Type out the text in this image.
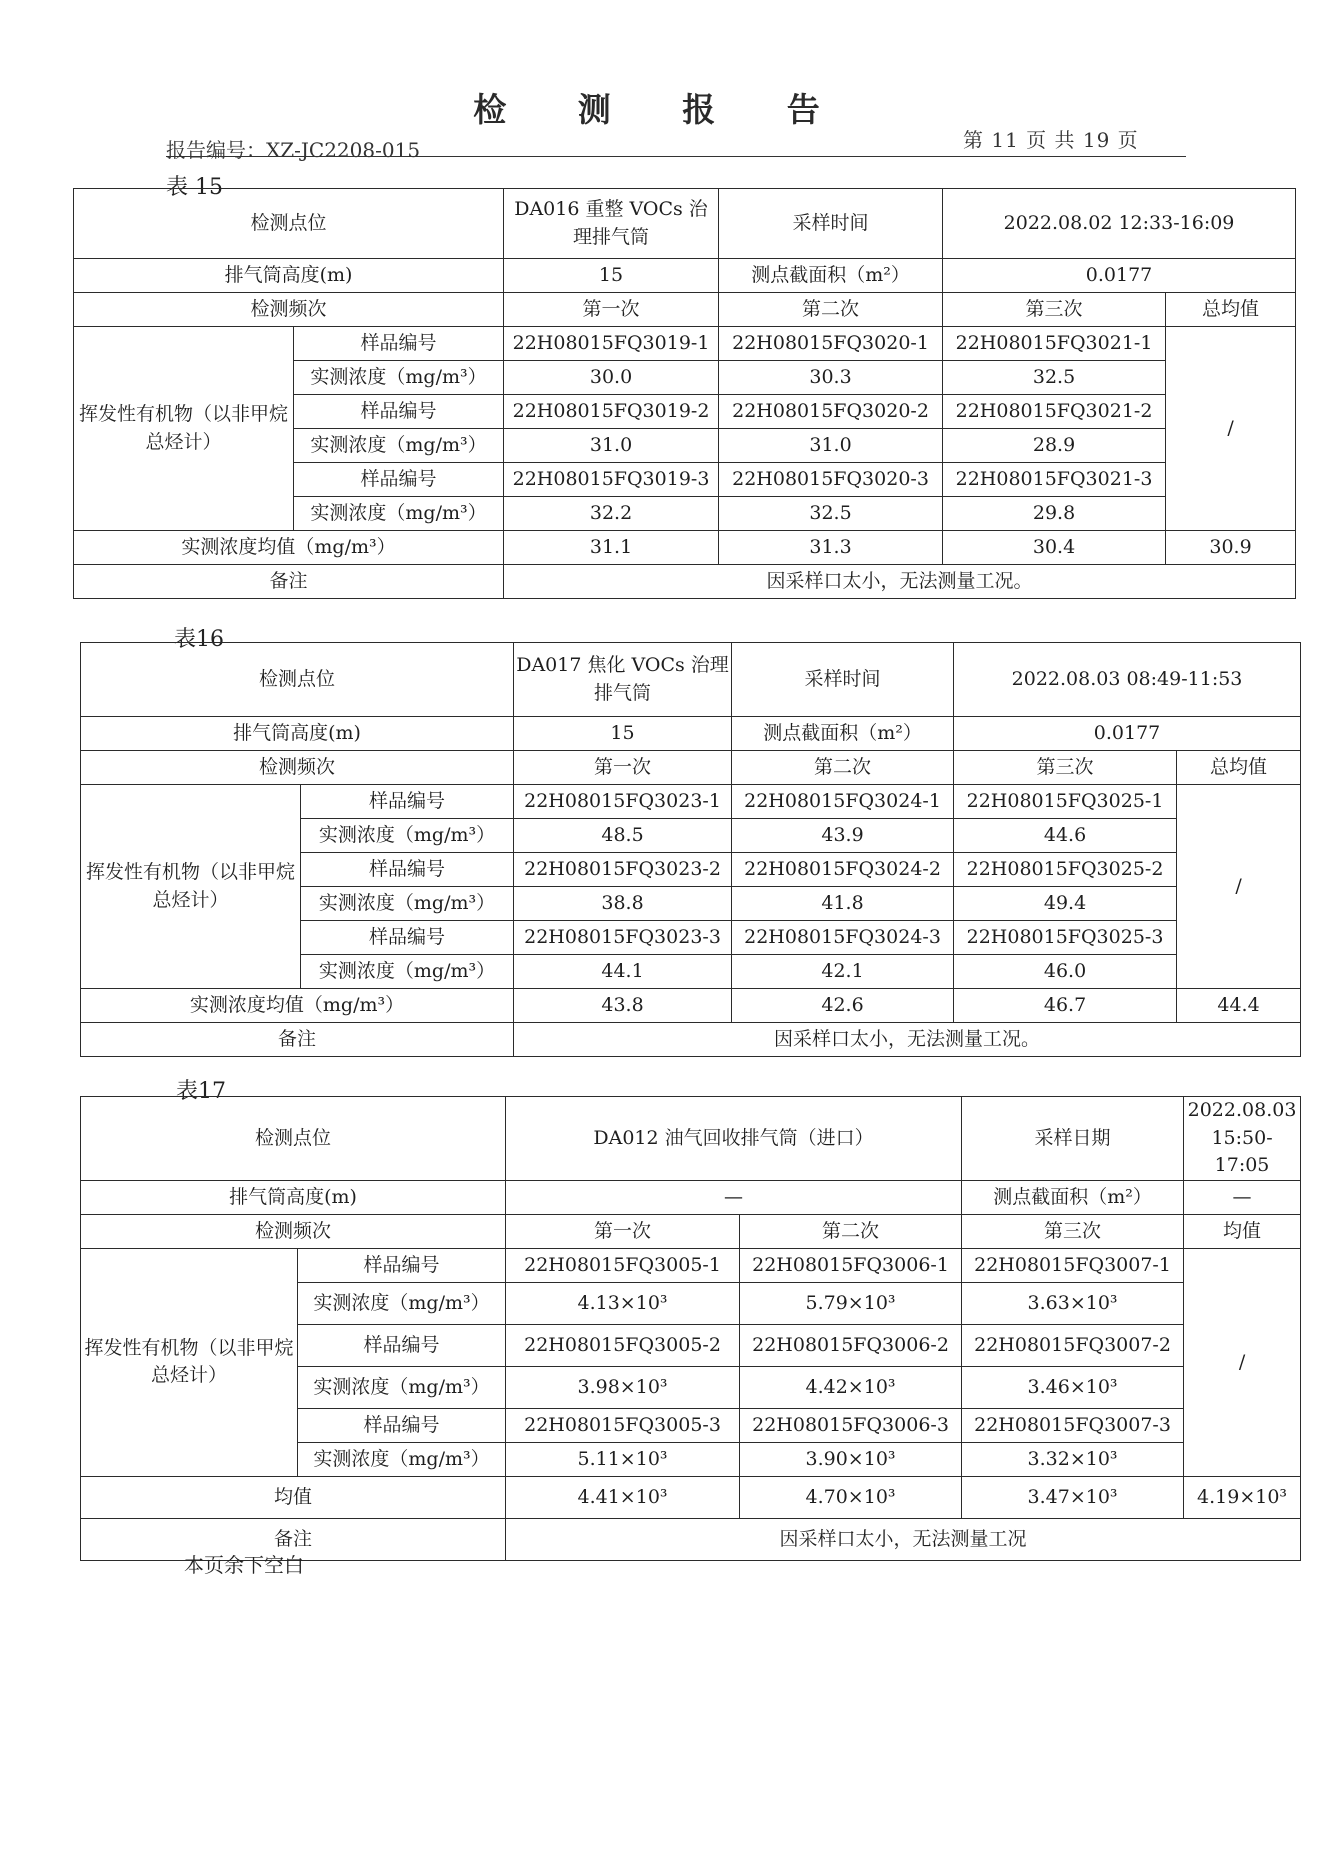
检 测 报 告
报告编号：XZ-JC2208-015	第 11 页 共 19 页
表 15
检测点位		DA016 重整 VOCs 治理排气筒	采样时间	2022.08.02 12:33-16:09	
排气筒高度(m)		15	测点截面积（m²）	0.0177	
检测频次		第一次	第二次	第三次	总均值
挥发性有机物（以非甲烷总烃计）	样品编号	22H08015FQ3019-1	22H08015FQ3020-1	22H08015FQ3021-1	/
	实测浓度（mg/m³）	30.0	30.3	32.5	
	样品编号	22H08015FQ3019-2	22H08015FQ3020-2	22H08015FQ3021-2	
	实测浓度（mg/m³）	31.0	31.0	28.9	
	样品编号	22H08015FQ3019-3	22H08015FQ3020-3	22H08015FQ3021-3	
	实测浓度（mg/m³）	32.2	32.5	29.8	
实测浓度均值（mg/m³）		31.1	31.3	30.4	30.9
备注		因采样口太小，无法测量工况。			
表16
检测点位		DA017 焦化 VOCs 治理排气筒	采样时间	2022.08.03 08:49-11:53	
排气筒高度(m)		15	测点截面积（m²）	0.0177	
检测频次		第一次	第二次	第三次	总均值
挥发性有机物（以非甲烷总烃计）	样品编号	22H08015FQ3023-1	22H08015FQ3024-1	22H08015FQ3025-1	/
	实测浓度（mg/m³）	48.5	43.9	44.6	
	样品编号	22H08015FQ3023-2	22H08015FQ3024-2	22H08015FQ3025-2	
	实测浓度（mg/m³）	38.8	41.8	49.4	
	样品编号	22H08015FQ3023-3	22H08015FQ3024-3	22H08015FQ3025-3	
	实测浓度（mg/m³）	44.1	42.1	46.0	
实测浓度均值（mg/m³）		43.8	42.6	46.7	44.4
备注		因采样口太小，无法测量工况。			
表17
检测点位		DA012 油气回收排气筒（进口）		采样日期	2022.08.03 15:50-17:05
排气筒高度(m)		—		测点截面积（m²）	—
检测频次		第一次	第二次	第三次	均值
挥发性有机物（以非甲烷总烃计）	样品编号	22H08015FQ3005-1	22H08015FQ3006-1	22H08015FQ3007-1	/
	实测浓度（mg/m³）	4.13×10³	5.79×10³	3.63×10³	
	样品编号	22H08015FQ3005-2	22H08015FQ3006-2	22H08015FQ3007-2	
	实测浓度（mg/m³）	3.98×10³	4.42×10³	3.46×10³	
	样品编号	22H08015FQ3005-3	22H08015FQ3006-3	22H08015FQ3007-3	
	实测浓度（mg/m³）	5.11×10³	3.90×10³	3.32×10³	
均值		4.41×10³	4.70×10³	3.47×10³	4.19×10³
备注		因采样口太小，无法测量工况			
本页余下空白
